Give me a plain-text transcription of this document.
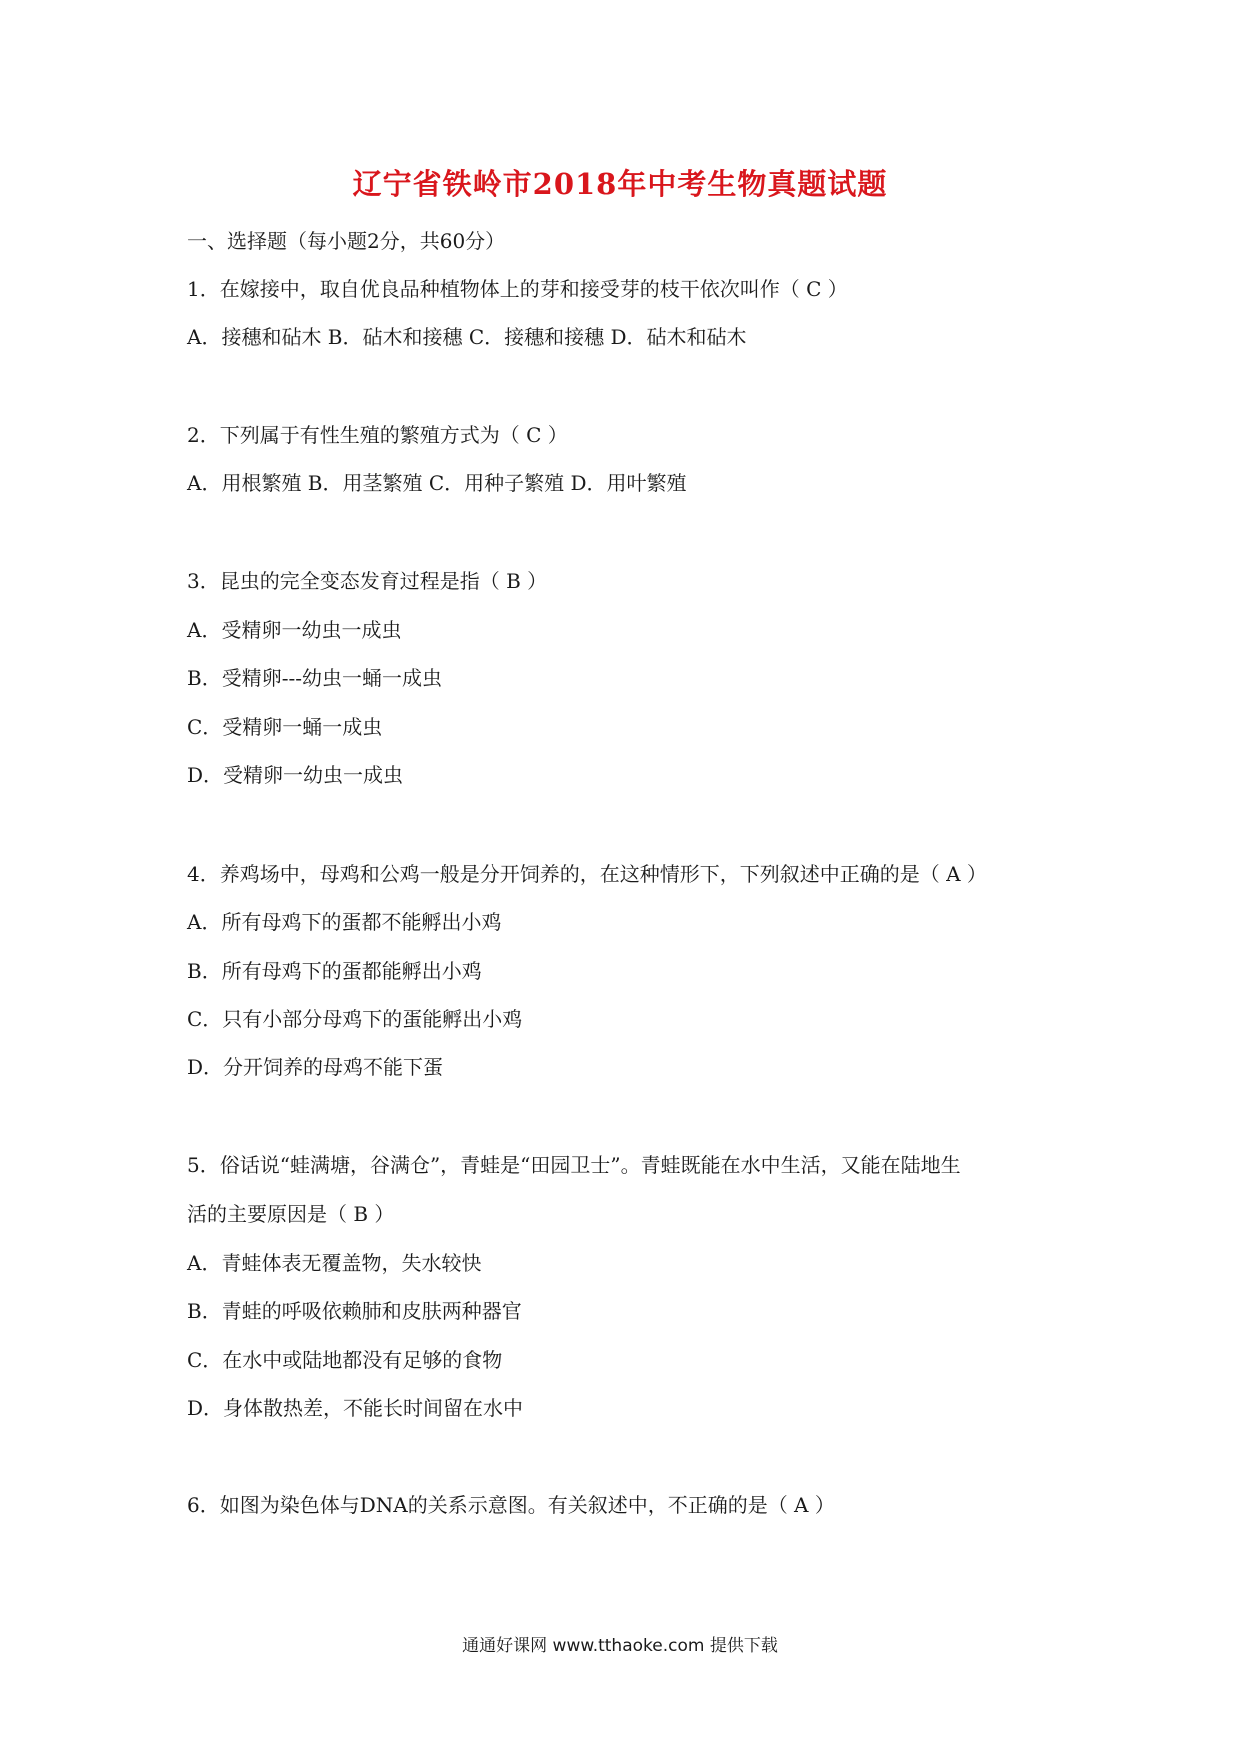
辽宁省铁岭市2018年中考生物真题试题
一、选择题（每小题2分，共60分）
1．在嫁接中，取自优良品种植物体上的芽和接受芽的枝干依次叫作（ C ）
A．接穗和砧木 B．砧木和接穗 C．接穗和接穗 D．砧木和砧木
2．下列属于有性生殖的繁殖方式为（ C ）
A．用根繁殖 B．用茎繁殖 C．用种子繁殖 D．用叶繁殖
3．昆虫的完全变态发育过程是指（ B ）
A．受精卵一幼虫一成虫
B．受精卵---幼虫一蛹一成虫
C．受精卵一蛹一成虫
D．受精卵一幼虫一成虫
4．养鸡场中，母鸡和公鸡一般是分开饲养的，在这种情形下，下列叙述中正确的是（ A ）
A．所有母鸡下的蛋都不能孵出小鸡
B．所有母鸡下的蛋都能孵出小鸡
C．只有小部分母鸡下的蛋能孵出小鸡
D．分开饲养的母鸡不能下蛋
5．俗话说“蛙满塘，谷满仓”，青蛙是“田园卫士”。青蛙既能在水中生活，又能在陆地生
活的主要原因是（ B ）
A．青蛙体表无覆盖物，失水较快
B．青蛙的呼吸依赖肺和皮肤两种器官
C．在水中或陆地都没有足够的食物
D．身体散热差，不能长时间留在水中
6．如图为染色体与DNA的关系示意图。有关叙述中，不正确的是（ A ）
通通好课网 www.tthaoke.com 提供下载
